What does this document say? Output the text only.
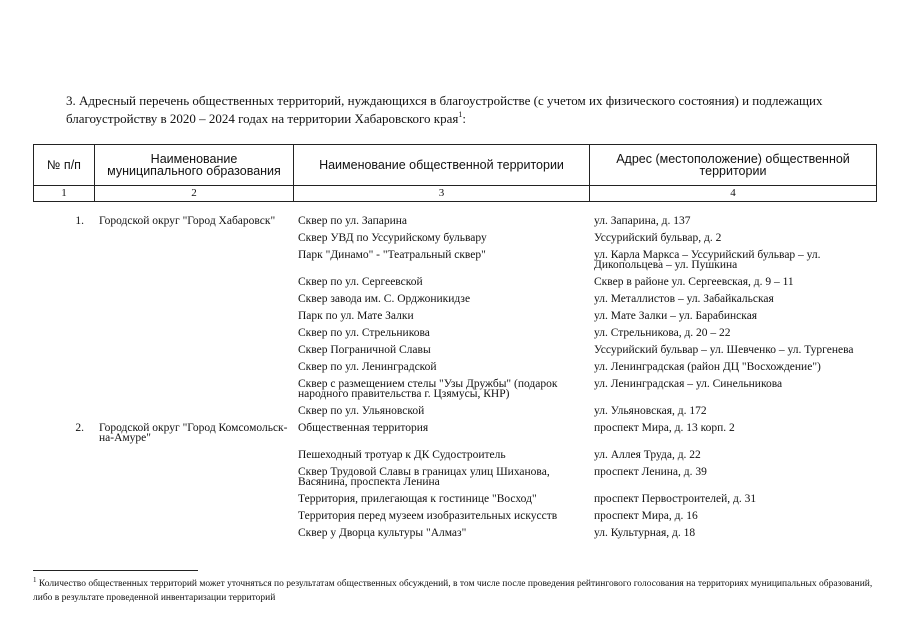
3. Адресный перечень общественных территорий, нуждающихся в благоустройстве (с учетом их физического состояния) и подлежащих благоустройству в 2020 – 2024 годах на территории Хабаровского края$^1$:

№ п/п	Наименование муниципального образования	Наименование общественной территории	Адрес (местоположение) общественной территории
1	2	3	4
1.	Городской округ "Город Хабаровск"	Сквер по ул. Запарина	ул. Запарина, д. 137
		Сквер УВД по Уссурийскому бульвару	Уссурийский бульвар, д. 2
		Парк "Динамо" - "Театральный сквер"	ул. Карла Маркса – Уссурийский бульвар – ул. Дикопольцева – ул. Пушкина
		Сквер по ул. Сергеевской	Сквер в районе ул. Сергеевская, д. 9 – 11
		Сквер завода им. С. Орджоникидзе	ул. Металлистов – ул. Забайкальская
		Парк по ул. Мате Залки	ул. Мате Залки – ул. Барабинская
		Сквер по ул. Стрельникова	ул. Стрельникова, д. 20 – 22
		Сквер Пограничной Славы	Уссурийский бульвар – ул. Шевченко – ул. Тургенева
		Сквер по ул. Ленинградской	ул. Ленинградская (район ДЦ "Восхождение")
		Сквер с размещением стелы "Узы Дружбы" (подарок народного правительства г. Цзямусы, КНР)	ул. Ленинградская – ул. Синельникова
		Сквер по ул. Ульяновской	ул. Ульяновская, д. 172
2.	Городской округ "Город Комсомольск-на-Амуре"	Общественная территория	проспект Мира, д. 13 корп. 2
		Пешеходный тротуар к ДК Судостроитель	ул. Аллея Труда, д. 22
		Сквер Трудовой Славы в границах улиц Шиханова, Васянина, проспекта Ленина	проспект Ленина, д. 39
		Территория, прилегающая к гостинице "Восход"	проспект Первостроителей, д. 31
		Территория перед музеем изобразительных искусств	проспект Мира, д. 16
		Сквер у Дворца культуры "Алмаз"	ул. Культурная, д. 18

$^1$ Количество общественных территорий может уточняться по результатам общественных обсуждений, в том числе после проведения рейтингового голосования на территориях муниципальных образований, либо в результате проведенной инвентаризации территорий
